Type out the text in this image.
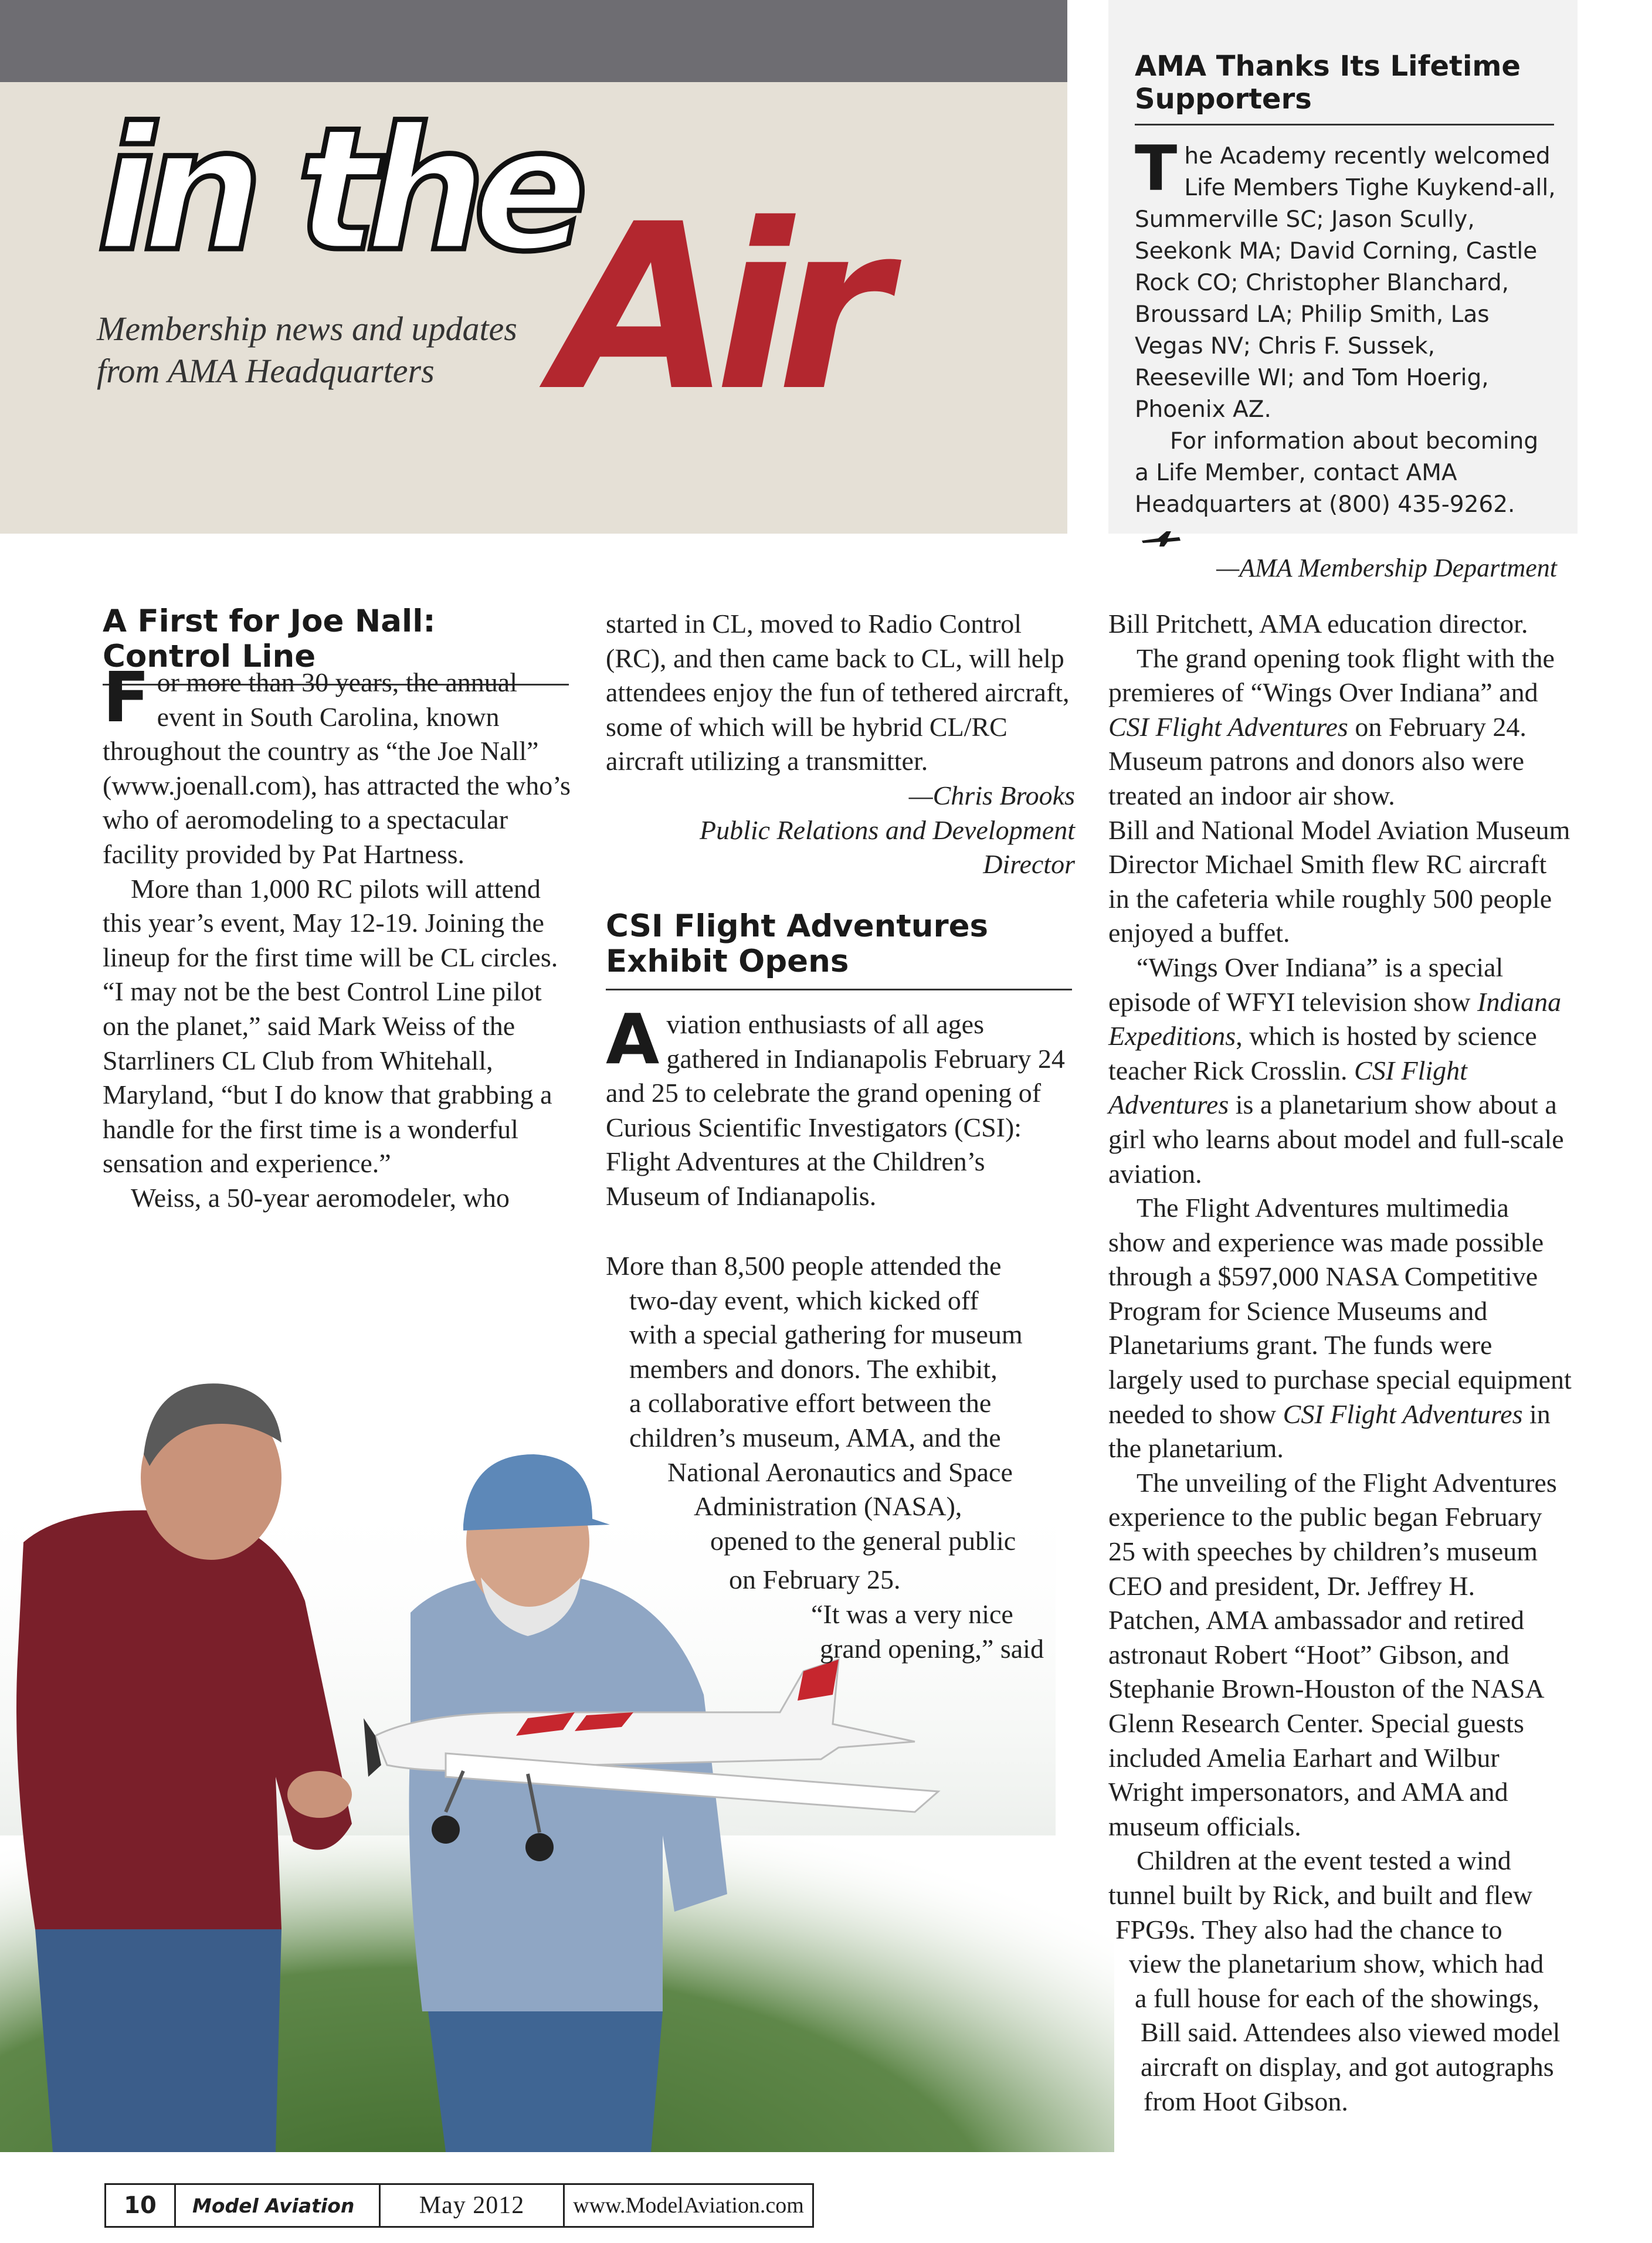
in the
Air
Membership news and updates
from AMA Headquarters
AMA Thanks Its Lifetime Supporters

The Academy recently welcomed Life Members Tighe Kuykend-all, Summerville SC; Jason Scully, Seekonk MA; David Corning, Castle Rock CO; Christopher Blanchard, Broussard LA; Philip Smith, Las Vegas NV; Chris F. Sussek, Reeseville WI; and Tom Hoerig, Phoenix AZ.

For information about becoming a Life Member, contact AMA Headquarters at (800) 435-9262.

—AMA Membership Department
A First for Joe Nall: Control Line

For more than 30 years, the annual event in South Carolina, known throughout the country as “the Joe Nall” (www.joenall.com), has attracted the who’s who of aeromodeling to a spectacular facility provided by Pat Hartness.

More than 1,000 RC pilots will attend this year’s event, May 12-19. Joining the lineup for the first time will be CL circles. “I may not be the best Control Line pilot on the planet,” said Mark Weiss of the Starrliners CL Club from Whitehall, Maryland, “but I do know that grabbing a handle for the first time is a wonderful sensation and experience.”

Weiss, a 50-year aeromodeler, who

started in CL, moved to Radio Control (RC), and then came back to CL, will help attendees enjoy the fun of tethered aircraft, some of which will be hybrid CL/RC aircraft utilizing a transmitter.

—Chris Brooks

Public Relations and Development

Director

CSI Flight Adventures Exhibit Opens

Aviation enthusiasts of all ages gathered in Indianapolis February 24 and 25 to celebrate the grand opening of Curious Scientific Investigators (CSI): Flight Adventures at the Children’s Museum of Indianapolis.

More than 8,500 people attended the
two-day event, which kicked off
with a special gathering for museum
members and donors. The exhibit,
a collaborative effort between the
children’s museum, AMA, and the
National Aeronautics and Space
Administration (NASA),
opened to the general public
on February 25.
“It was a very nice
grand opening,” said

Bill Pritchett, AMA education director.

The grand opening took flight with the premieres of “Wings Over Indiana” and CSI Flight Adventures on February 24. Museum patrons and donors also were treated an indoor air show.

Bill and National Model Aviation Museum Director Michael Smith flew RC aircraft in the cafeteria while roughly 500 people enjoyed a buffet.

“Wings Over Indiana” is a special episode of WFYI television show Indiana Expeditions, which is hosted by science teacher Rick Crosslin. CSI Flight Adventures is a planetarium show about a girl who learns about model and full-scale aviation.

The Flight Adventures multimedia show and experience was made possible through a $597,000 NASA Competitive Program for Science Museums and Planetariums grant. The funds were largely used to purchase special equipment needed to show CSI Flight Adventures in the planetarium.

The unveiling of the Flight Adventures experience to the public began February 25 with speeches by children’s museum CEO and president, Dr. Jeffrey H. Patchen, AMA ambassador and retired astronaut Robert “Hoot” Gibson, and Stephanie Brown-Houston of the NASA Glenn Research Center. Special guests included Amelia Earhart and Wilbur Wright impersonators, and AMA and museum officials.

Children at the event tested a wind
tunnel built by Rick, and built and flew
FPG9s. They also had the chance to
view the planetarium show, which had
a full house for each of the showings,
Bill said. Attendees also viewed model
aircraft on display, and got autographs
from Hoot Gibson.
10	Model Aviation	May 2012	www.ModelAviation.com
